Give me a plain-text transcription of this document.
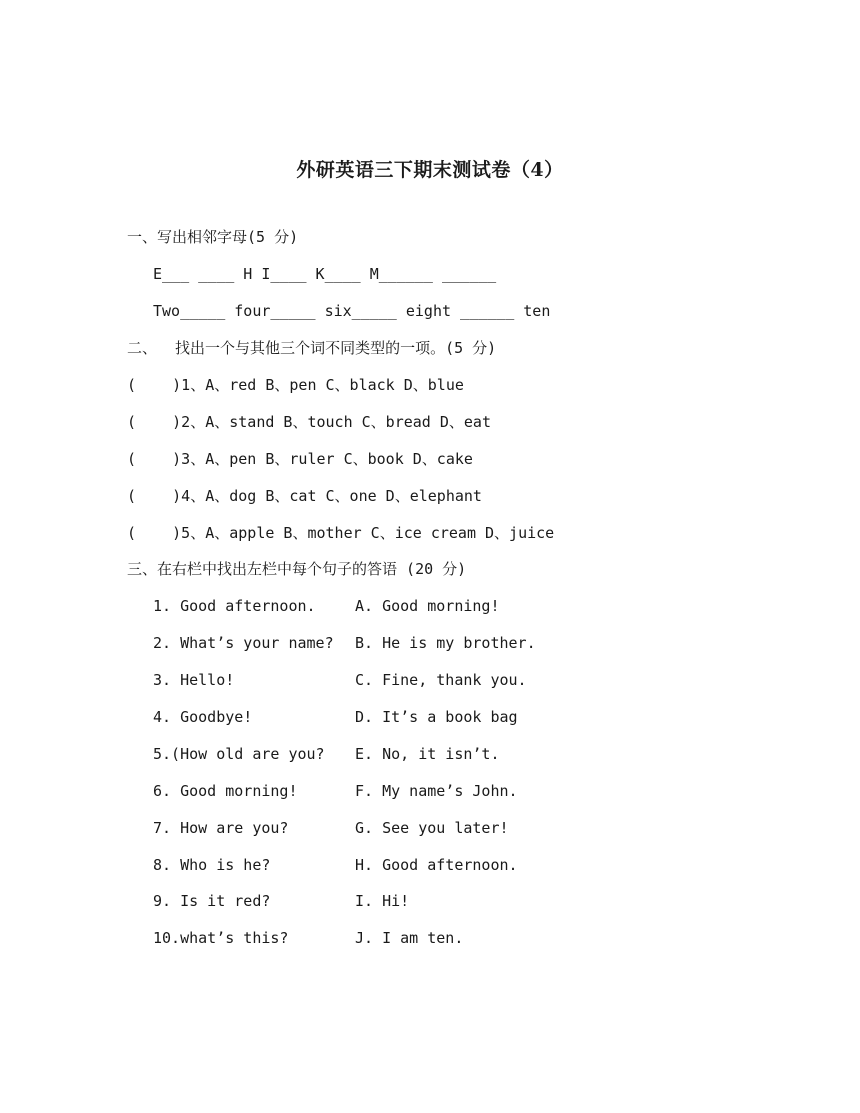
外研英语三下期末测试卷（4）
一、写出相邻字母(5 分)
E___ ____ H I____ K____ M______ ______
Two_____ four_____ six_____ eight ______ ten
二、  找出一个与其他三个词不同类型的一项。(5 分)
(    )1、A、red B、pen C、black D、blue
(    )2、A、stand B、touch C、bread D、eat
(    )3、A、pen B、ruler C、book D、cake
(    )4、A、dog B、cat C、one D、elephant
(    )5、A、apple B、mother C、ice cream D、juice
三、在右栏中找出左栏中每个句子的答语 (20 分)
1. Good afternoon.	A. Good morning!
2. What’s your name? B. He is my brother.
3. Hello!	C. Fine, thank you.
4. Goodbye!	D. It’s a book bag
5.(How old are you? E. No, it isn’t.
6. Good morning!	F. My name’s John.
7. How are you?	G. See you later!
8. Who is he?	H. Good afternoon.
9. Is it red?	I. Hi!
10.what’s this?	J. I am ten.
